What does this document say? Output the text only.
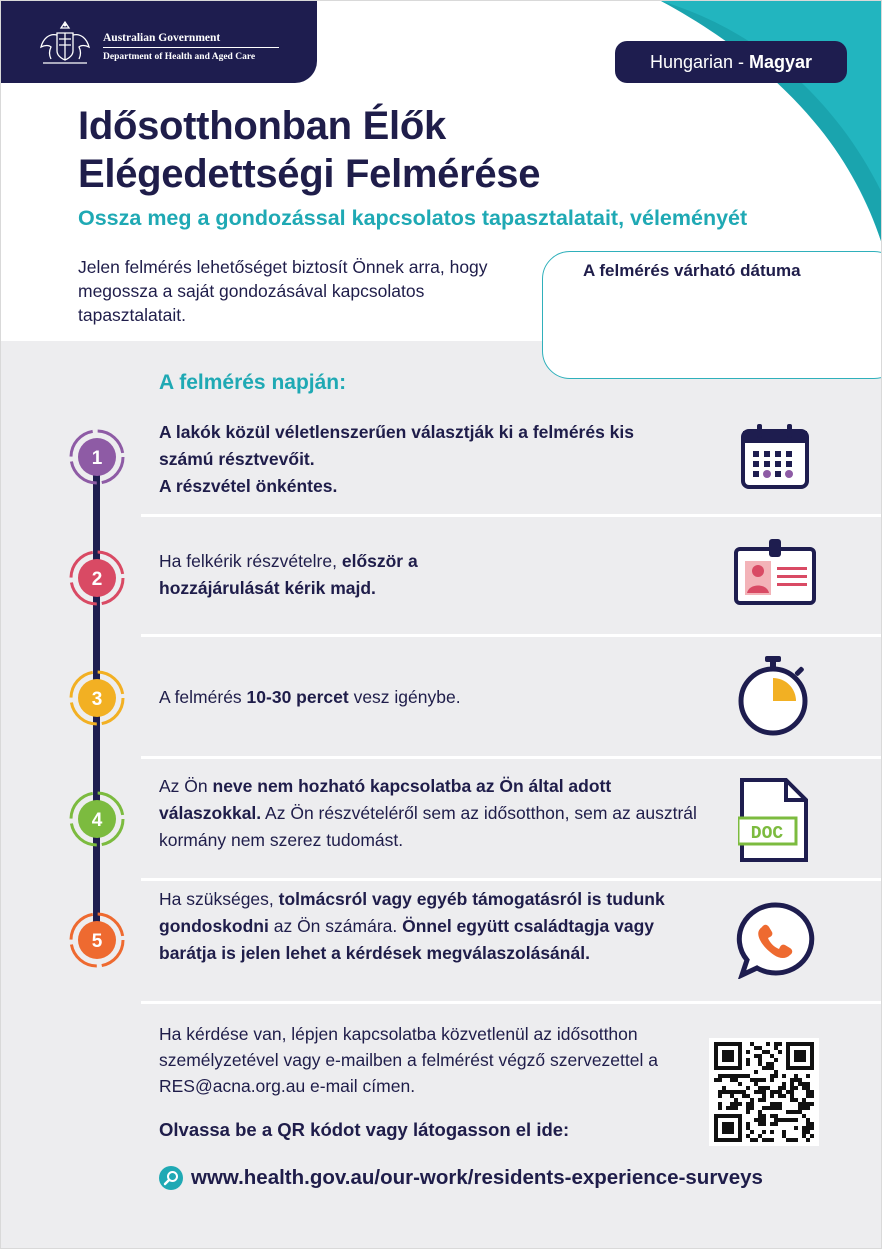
Australian Government
Department of Health and Aged Care	Hungarian - Magyar
Idősotthonban Élők
Elégedettségi Felmérése
Ossza meg a gondozással kapcsolatos tapasztalatait, véleményét
Jelen felmérés lehetőséget biztosít Önnek arra, hogy megossza a saját gondozásával kapcsolatos tapasztalatait.
A felmérés várható dátuma
A felmérés napján:
1
2
3
4
5
A lakók közül véletlenszerűen választják ki a felmérés kis számú résztvevőit.
A részvétel önkéntes.
Ha felkérik részvételre, először a hozzájárulását kérik majd.
A felmérés 10-30 percet vesz igénybe.
Az Ön neve nem hozható kapcsolatba az Ön által adott válaszokkal. Az Ön részvételéről sem az idősotthon, sem az ausztrál kormány nem szerez tudomást.
Ha szükséges, tolmácsról vagy egyéb támogatásról is tudunk gondoskodni az Ön számára. Önnel együtt családtagja vagy barátja is jelen lehet a kérdések megválaszolásánál.
DOC
Ha kérdése van, lépjen kapcsolatba közvetlenül az idősotthon személyzetével vagy e-mailben a felmérést végző szervezettel a RES@acna.org.au e-mail címen.
Olvassa be a QR kódot vagy látogasson el ide:
www.health.gov.au/our-work/residents-experience-surveys
